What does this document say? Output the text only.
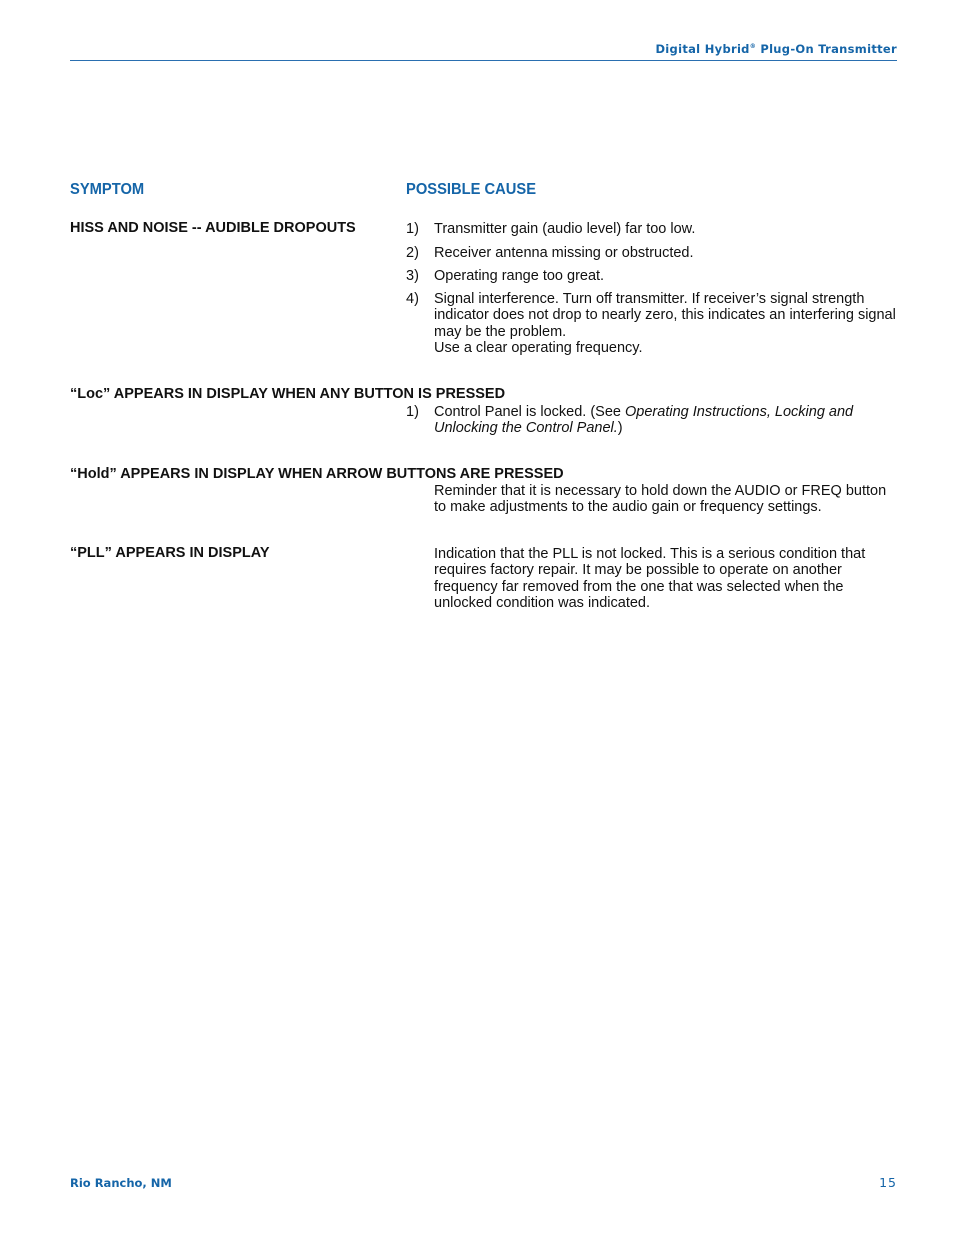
Digital Hybrid® Plug-On Transmitter
SYMPTOM	POSSIBLE CAUSE
HISS AND NOISE -- AUDIBLE DROPOUTS	1) Transmitter gain (audio level) far too low.
2) Receiver antenna missing or obstructed.
3) Operating range too great.
4) Signal interference. Turn off transmitter. If receiver’s signal strength indicator does not drop to nearly zero, this indicates an interfering signal may be the problem.
Use a clear operating frequency.
“Loc” APPEARS IN DISPLAY WHEN ANY BUTTON IS PRESSED
1) Control Panel is locked. (See Operating Instructions, Locking and Unlocking the Control Panel.)
“Hold” APPEARS IN DISPLAY WHEN ARROW BUTTONS ARE PRESSED
Reminder that it is necessary to hold down the AUDIO or FREQ button to make adjustments to the audio gain or frequency settings.
“PLL” APPEARS IN DISPLAY	Indication that the PLL is not locked. This is a serious condition that requires factory repair. It may be possible to operate on another frequency far removed from the one that was selected when the unlocked condition was indicated.
Rio Rancho, NM	15
